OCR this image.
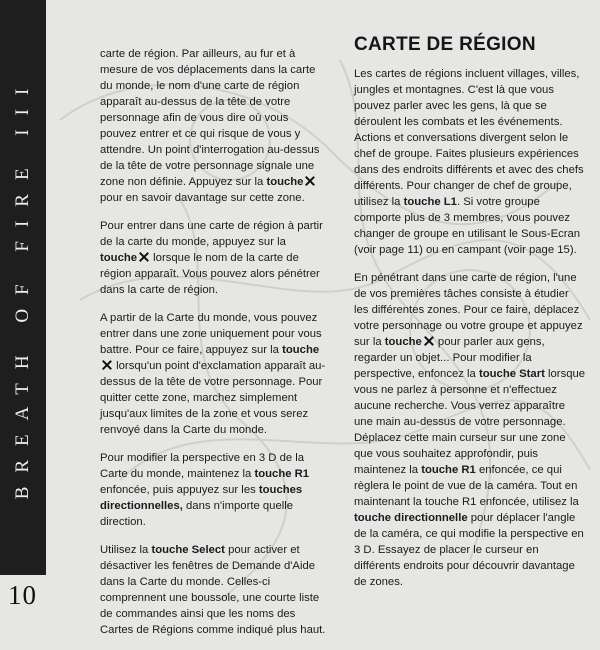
BREATH OF FIRE III
10

carte de région. Par ailleurs, au fur et à mesure de vos déplacements dans la carte du monde, le nom d'une carte de région apparaît au-dessus de la tête de votre personnage afin de vous dire où vous pouvez entrer et ce qui risque de vous y attendre. Un point d'interrogation au-dessus de la tête de votre personnage signale une zone non définie. Appuyez sur la touche pour en savoir davantage sur cette zone.

Pour entrer dans une carte de région à partir de la carte du monde, appuyez sur la touche lorsque le nom de la carte de région apparaît. Vous pouvez alors pénétrer dans la carte de région.

A partir de la Carte du monde, vous pouvez entrer dans une zone uniquement pour vous battre. Pour ce faire, appuyez sur la touche
lorsqu'un point d'exclamation apparaît au-dessus de la tête de votre personnage. Pour quitter cette zone, marchez simplement jusqu'aux limites de la zone et vous serez renvoyé dans la Carte du monde.

Pour modifier la perspective en 3 D de la Carte du monde, maintenez la touche R1 enfoncée, puis appuyez sur les touches directionnelles, dans n'importe quelle direction.

Utilisez la touche Select pour activer et désactiver les fenêtres de Demande d'Aide dans la Carte du monde. Celles-ci comprennent une boussole, une courte liste de commandes ainsi que les noms des Cartes de Régions comme indiqué plus haut.

CARTE DE RÉGION

Les cartes de régions incluent villages, villes, jungles et montagnes. C'est là que vous pouvez parler avec les gens, là que se déroulent les combats et les événements. Actions et conversations divergent selon le chef de groupe. Faites plusieurs expériences dans des endroits différents et avec des chefs différents. Pour changer de chef de groupe, utilisez la touche L1. Si votre groupe comporte plus de 3 membres, vous pouvez changer de groupe en utilisant le Sous-Ecran (voir page 11) ou en campant (voir page 15).

En pénétrant dans une carte de région, l'une de vos premières tâches consiste à étudier les différentes zones. Pour ce faire, déplacez votre personnage ou votre groupe et appuyez sur la touche pour parler aux gens, regarder un objet... Pour modifier la perspective, enfoncez la touche Start lorsque vous ne parlez à personne et n'effectuez aucune recherche. Vous verrez apparaître une main au-dessus de votre personnage. Déplacez cette main curseur sur une zone que vous souhaitez approfondir, puis maintenez la touche R1 enfoncée, ce qui règlera le point de vue de la caméra. Tout en maintenant la touche R1 enfoncée, utilisez la touche directionnelle pour déplacer l'angle de la caméra, ce qui modifie la perspective en 3 D. Essayez de placer le curseur en différents endroits pour découvrir davantage de zones.
